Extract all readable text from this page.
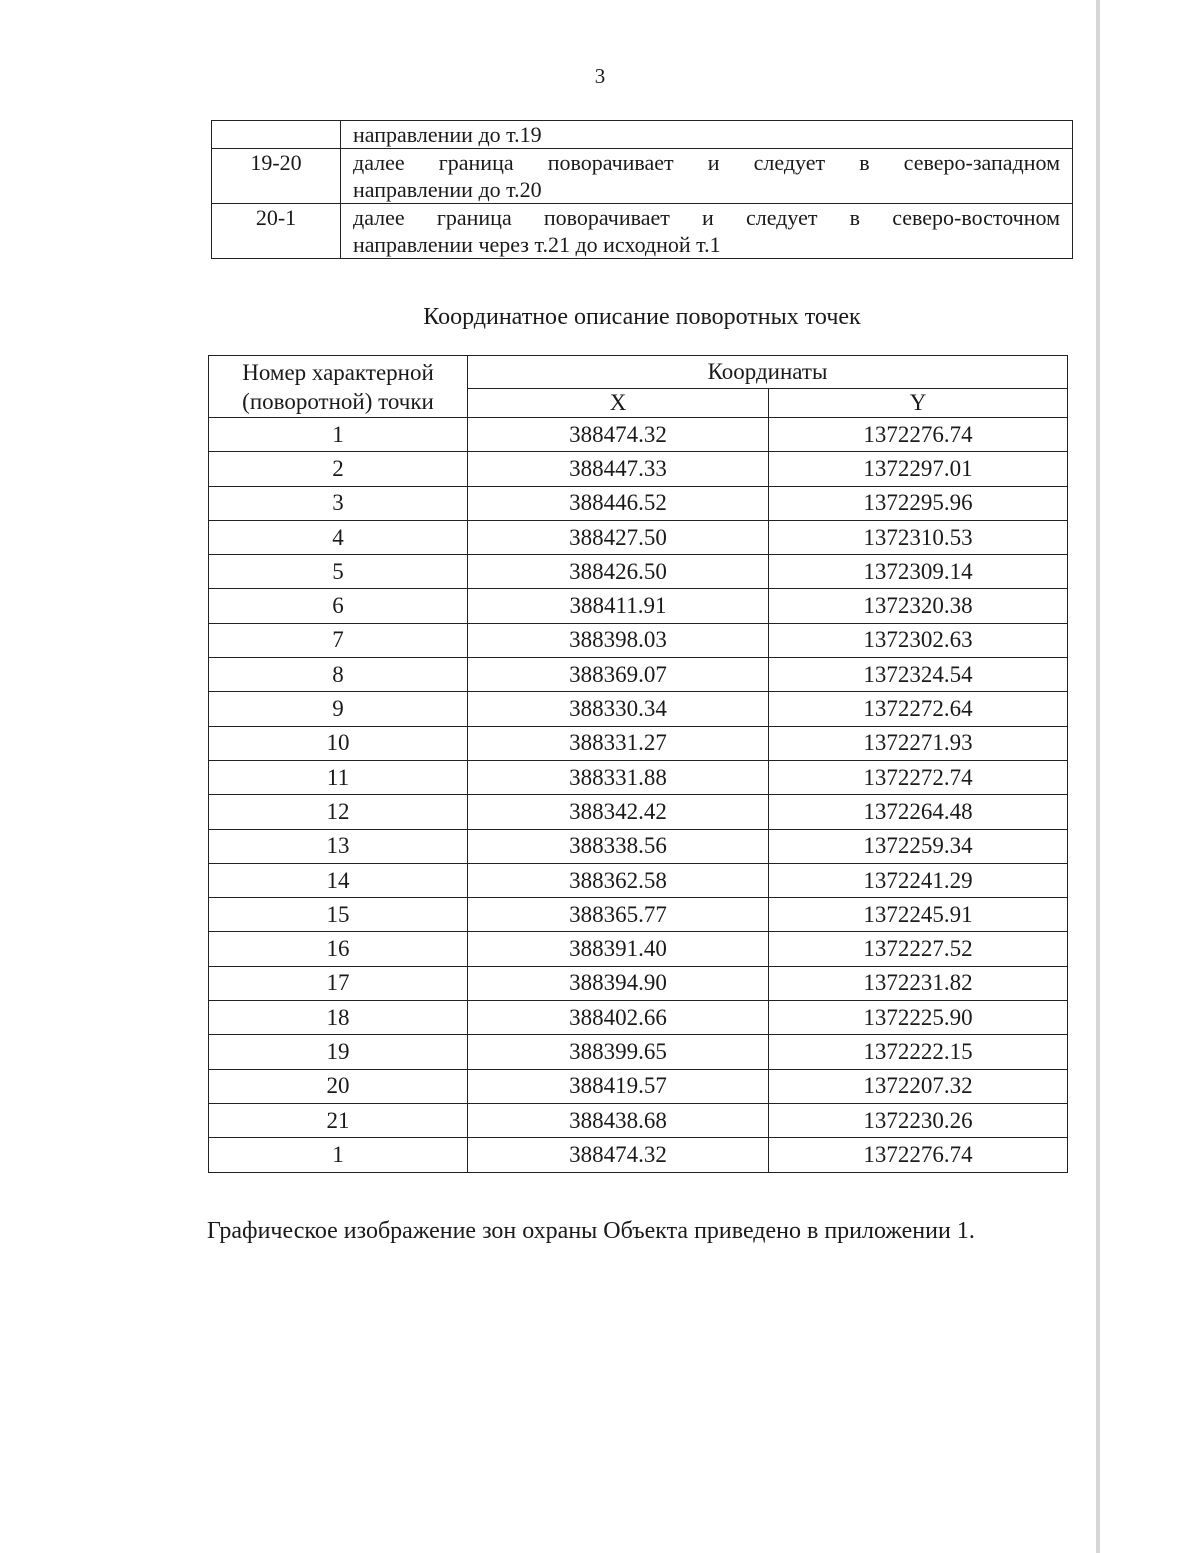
3

	направлении до т.19

19-20	далее граница поворачивает и следует в северо-западном
направлении до т.20

20-1	далее граница поворачивает и следует в северо-восточном
направлении через т.21 до исходной т.1
Координатное описание поворотных точек
Номер характерной
(поворотной) точки	Координаты	
	X	Y
1	388474.32	1372276.74
2	388447.33	1372297.01
3	388446.52	1372295.96
4	388427.50	1372310.53
5	388426.50	1372309.14
6	388411.91	1372320.38
7	388398.03	1372302.63
8	388369.07	1372324.54
9	388330.34	1372272.64
10	388331.27	1372271.93
11	388331.88	1372272.74
12	388342.42	1372264.48
13	388338.56	1372259.34
14	388362.58	1372241.29
15	388365.77	1372245.91
16	388391.40	1372227.52
17	388394.90	1372231.82
18	388402.66	1372225.90
19	388399.65	1372222.15
20	388419.57	1372207.32
21	388438.68	1372230.26
1	388474.32	1372276.74
Графическое изображение зон охраны Объекта приведено в приложении 1.
